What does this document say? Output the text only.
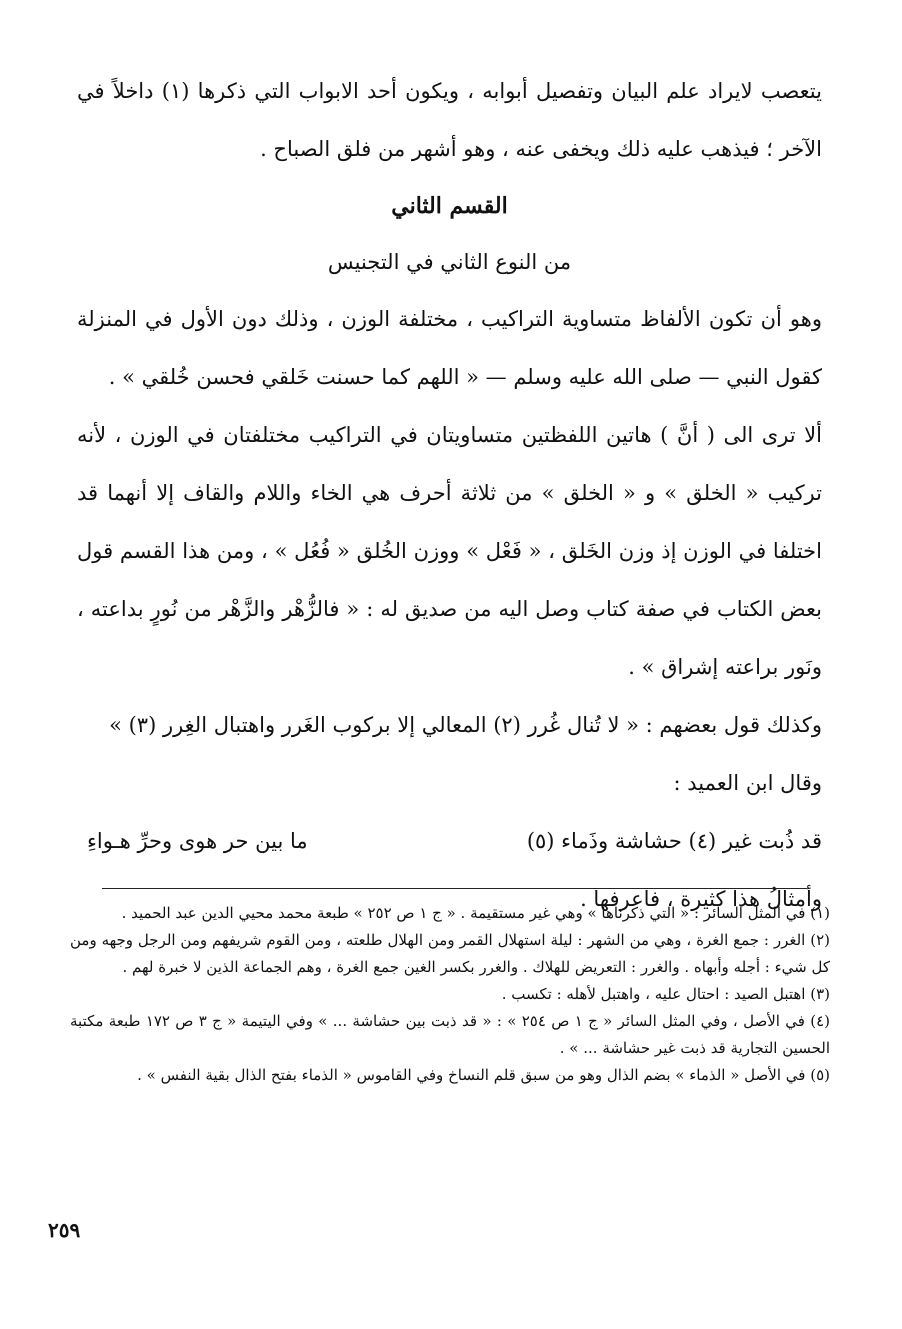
يتعصب لايراد علم البيان وتفصيل أبوابه ، ويكون أحد الابواب التي ذكرها (١) داخلاً في الآخر ؛ فيذهب عليه ذلك ويخفى عنه ، وهو أشهر من فلق الصباح .

القسم الثاني

من النوع الثاني في التجنيس

وهو أن تكون الألفاظ متساوية التراكيب ، مختلفة الوزن ، وذلك دون الأول في المنزلة كقول النبي — صلى الله عليه وسلم — « اللهم كما حسنت خَلقي فحسن خُلقي » .

ألا ترى الى ( أنَّ ) هاتين اللفظتين متساويتان في التراكيب مختلفتان في الوزن ، لأنه تركيب « الخلق » و « الخلق » من ثلاثة أحرف هي الخاء واللام والقاف إلا أنهما قد اختلفا في الوزن إذ وزن الخَلق ، « فَعْل » ووزن الخُلق « فُعُل » ، ومن هذا القسم قول بعض الكتاب في صفة كتاب وصل اليه من صديق له : « فالزُّهْر والزَّهْر من نُورٍ بداعته ، ونَور براعته إشراق » .

وكذلك قول بعضهم : « لا تُنال غُرر (٢) المعالي إلا بركوب الغَرر واهتبال الغِرر (٣) »

وقال ابن العميد :

قد ذُبت غير (٤) حشاشة وذَماء (٥)
ما بين حر هوى وحرِّ هـواءِ

وأمثالُ هذا كثيرة ، فاعرفها .

(١) في المثل السائر : « التي ذكرناها » وهي غير مستقيمة . « ج ١ ص ٢٥٢ » طبعة محمد محيي الدين عبد الحميد .

(٢) الغرر : جمع الغرة ، وهي من الشهر : ليلة استهلال القمر ومن الهلال طلعته ، ومن القوم شريفهم ومن الرجل وجهه ومن كل شيء : أجله وأبهاه . والغرر : التعريض للهلاك . والغرر بكسر الغين جمع الغرة ، وهم الجماعة الذين لا خبرة لهم .

(٣) اهتبل الصيد : احتال عليه ، واهتبل لأهله : تكسب .

(٤) في الأصل ، وفي المثل السائر « ج ١ ص ٢٥٤ » : « قد ذبت بين حشاشة ... » وفي اليتيمة « ج ٣ ص ١٧٢ طبعة مكتبة الحسين التجارية قد ذبت غير حشاشة ... » .

(٥) في الأصل « الذماء » بضم الذال وهو من سبق قلم النساخ وفي القاموس « الذماء بفتح الذال بقية النفس » .

٢٥٩
